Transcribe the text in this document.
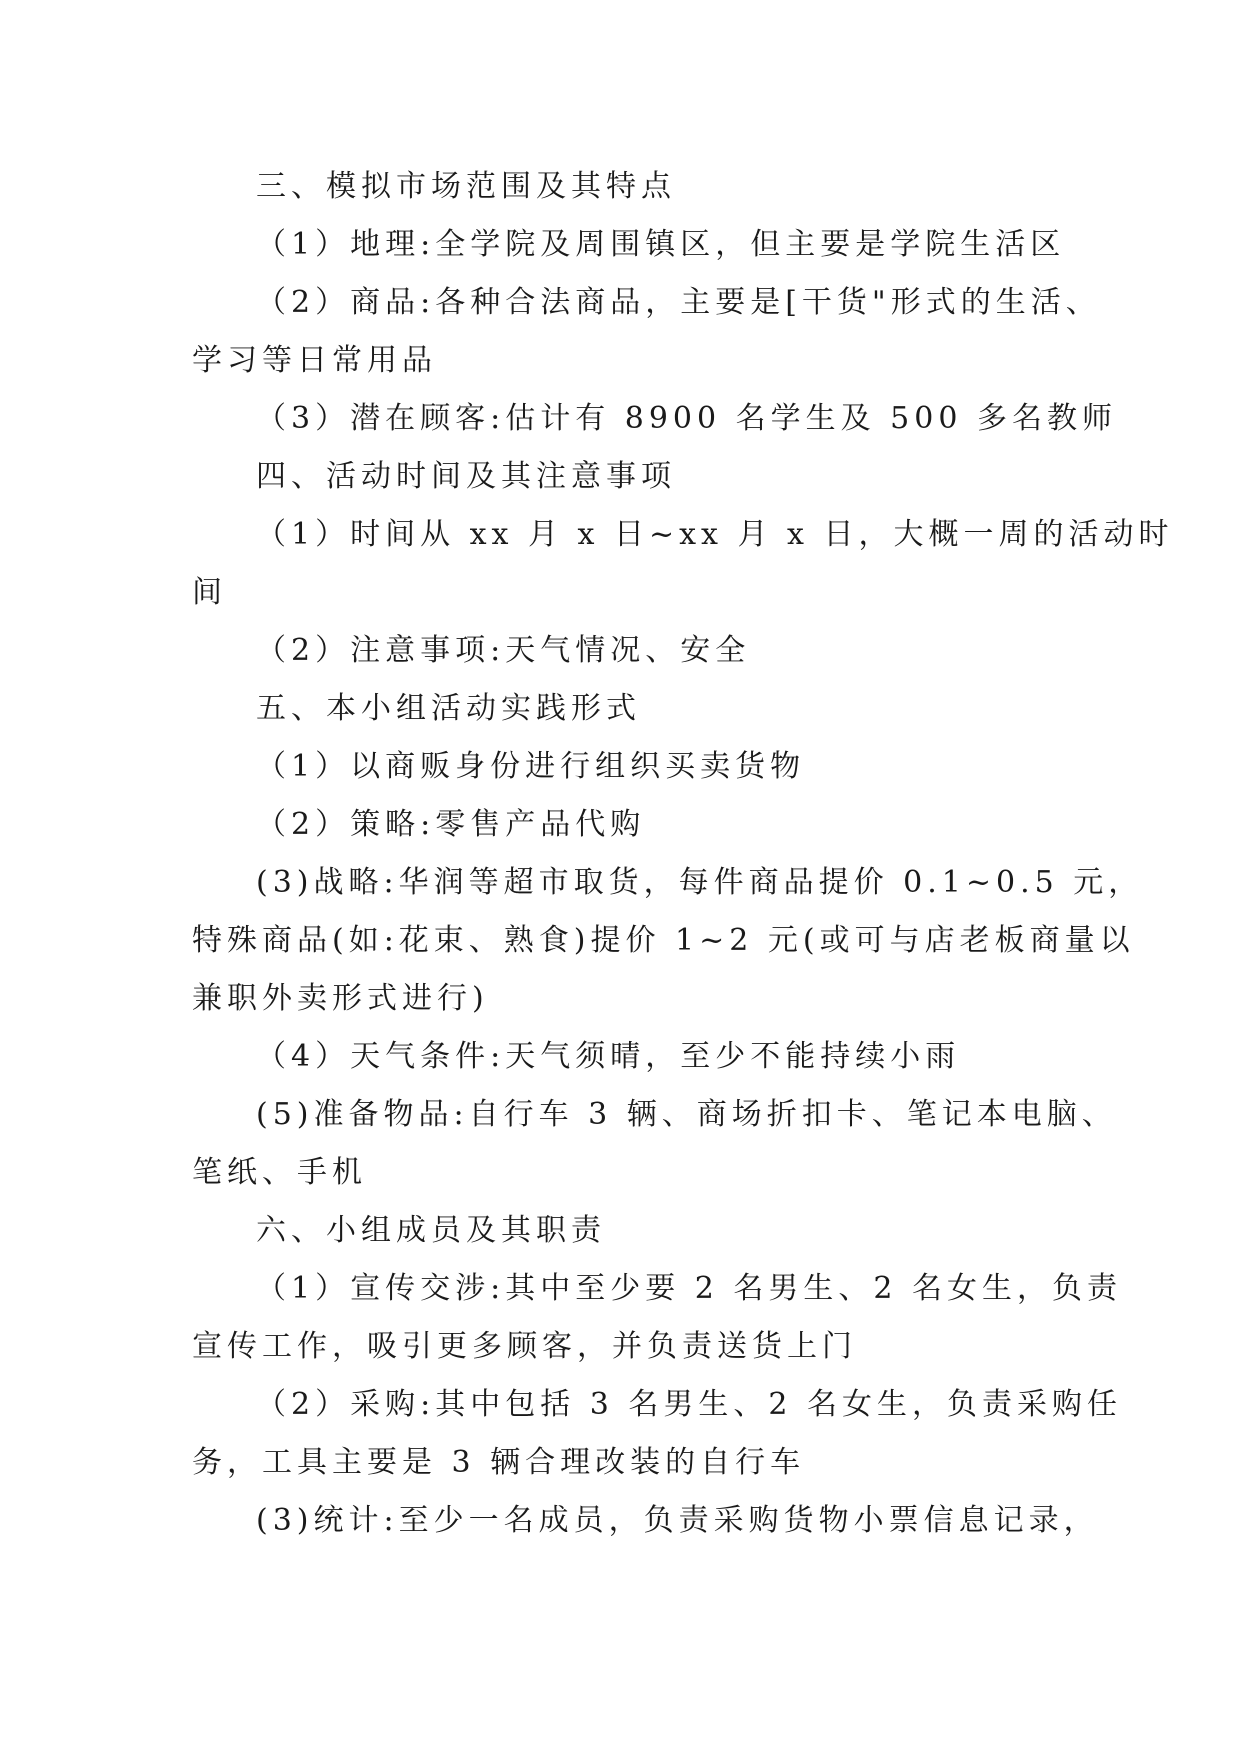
三、模拟市场范围及其特点
（1）地理:全学院及周围镇区，但主要是学院生活区
（2）商品:各种合法商品，主要是[干货"形式的生活、
学习等日常用品
（3）潜在顾客:估计有 8900 名学生及 500 多名教师
四、活动时间及其注意事项
（1）时间从 xx 月 x 日~xx 月 x 日，大概一周的活动时
间
（2）注意事项:天气情况、安全
五、本小组活动实践形式
（1）以商贩身份进行组织买卖货物
（2）策略:零售产品代购
(3)战略:华润等超市取货，每件商品提价 0.1~0.5 元，
特殊商品(如:花束、熟食)提价 1~2 元(或可与店老板商量以
兼职外卖形式进行)
（4）天气条件:天气须晴，至少不能持续小雨
(5)准备物品:自行车 3 辆、商场折扣卡、笔记本电脑、
笔纸、手机
六、小组成员及其职责
（1）宣传交涉:其中至少要 2 名男生、2 名女生，负责
宣传工作，吸引更多顾客，并负责送货上门
（2）采购:其中包括 3 名男生、2 名女生，负责采购任
务，工具主要是 3 辆合理改装的自行车
(3)统计:至少一名成员，负责采购货物小票信息记录，
